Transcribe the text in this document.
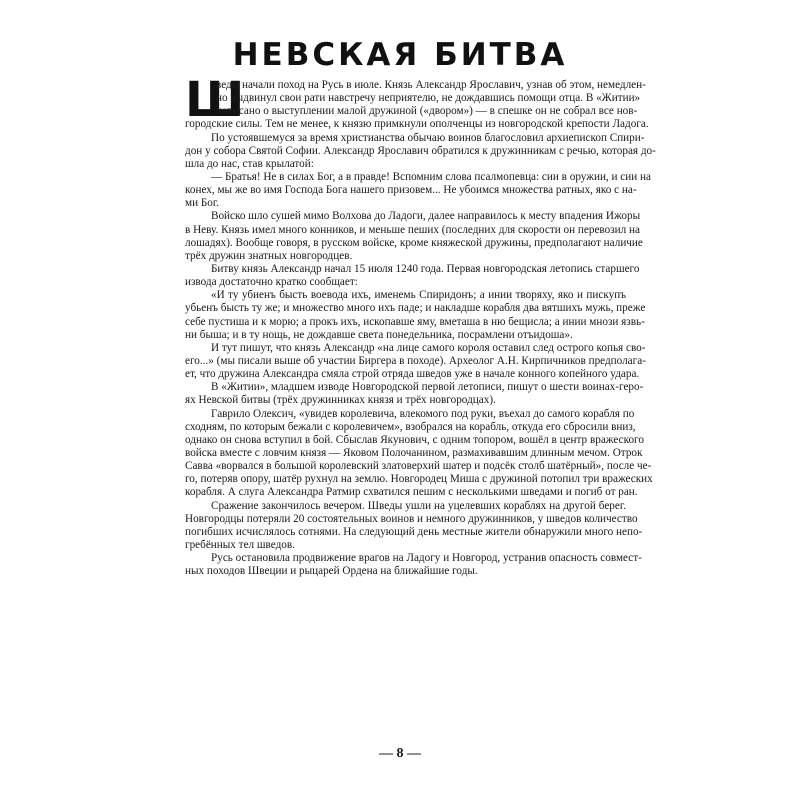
НЕВСКАЯ БИТВА
Ш
веды начали поход на Русь в июле. Князь Александр Ярославич, узнав об этом, немедлен-
но выдвинул свои рати навстречу неприятелю, не дождавшись помощи отца. В «Житии»
написано о выступлении малой дружиной («двором») — в спешке он не собрал все нов-
городские силы. Тем не менее, к князю примкнули ополченцы из новгородской крепости Ладога.
По устоявшемуся за время христианства обычаю воинов благословил архиепископ Спири-
дон у собора Святой Софии. Александр Ярославич обратился к дружинникам с речью, которая до-
шла до нас, став крылатой:
— Братья! Не в силах Бог, а в правде! Вспомним слова псалмопевца: сии в оружии, и сии на
конех, мы же во имя Господа Бога нашего призовем... Не убоимся множества ратных, яко с на-
ми Бог.
Войско шло сушей мимо Волхова до Ладоги, далее направилось к месту впадения Ижоры
в Неву. Князь имел много конников, и меньше пеших (последних для скорости он перевозил на
лошадях). Вообще говоря, в русском войске, кроме княжеской дружины, предполагают наличие
трёх дружин знатных новгородцев.
Битву князь Александр начал 15 июля 1240 года. Первая новгородская летопись старшего
извода достаточно кратко сообщает:
«И ту убиенъ бысть воевода ихъ, именемь Спиридонъ; а инии творяху, яко и пискупъ
убьенъ бысть ту же; и множество много ихъ паде; и накладше корабля два вятшихъ мужь, преже
себе пустиша и к морю; а прокъ ихъ, ископавше яму, вметаша в ню бещисла; а инии мнози язвь-
ни быша; и в ту нощь, не дождавше света понедельника, посрамлени отъидоша».
И тут пишут, что князь Александр «на лице самого короля оставил след острого копья сво-
его...» (мы писали выше об участии Биргера в походе). Археолог А.Н. Кирпичников предполага-
ет, что дружина Александра смяла строй отряда шведов уже в начале конного копейного удара.
В «Житии», младшем изводе Новгородской первой летописи, пишут о шести воинах-геро-
ях Невской битвы (трёх дружинниках князя и трёх новгородцах).
Гаврило Олексич, «увидев королевича, влекомого под руки, въехал до самого корабля по
сходням, по которым бежали с королевичем», взобрался на корабль, откуда его сбросили вниз,
однако он снова вступил в бой. Сбыслав Якунович, с одним топором, вошёл в центр вражеского
войска вместе с ловчим князя — Яковом Полочанином, размахивавшим длинным мечом. Отрок
Савва «ворвался в большой королевский златоверхий шатер и подсёк столб шатёрный», после че-
го, потеряв опору, шатёр рухнул на землю. Новгородец Миша с дружиной потопил три вражеских
корабля. А слуга Александра Ратмир схватился пешим с несколькими шведами и погиб от ран.
Сражение закончилось вечером. Шведы ушли на уцелевших кораблях на другой берег.
Новгородцы потеряли 20 состоятельных воинов и немного дружинников, у шведов количество
погибших исчислялось сотнями. На следующий день местные жители обнаружили много непо-
гребённых тел шведов.
Русь остановила продвижение врагов на Ладогу и Новгород, устранив опасность совмест-
ных походов Швеции и рыцарей Ордена на ближайшие годы.
— 8 —
